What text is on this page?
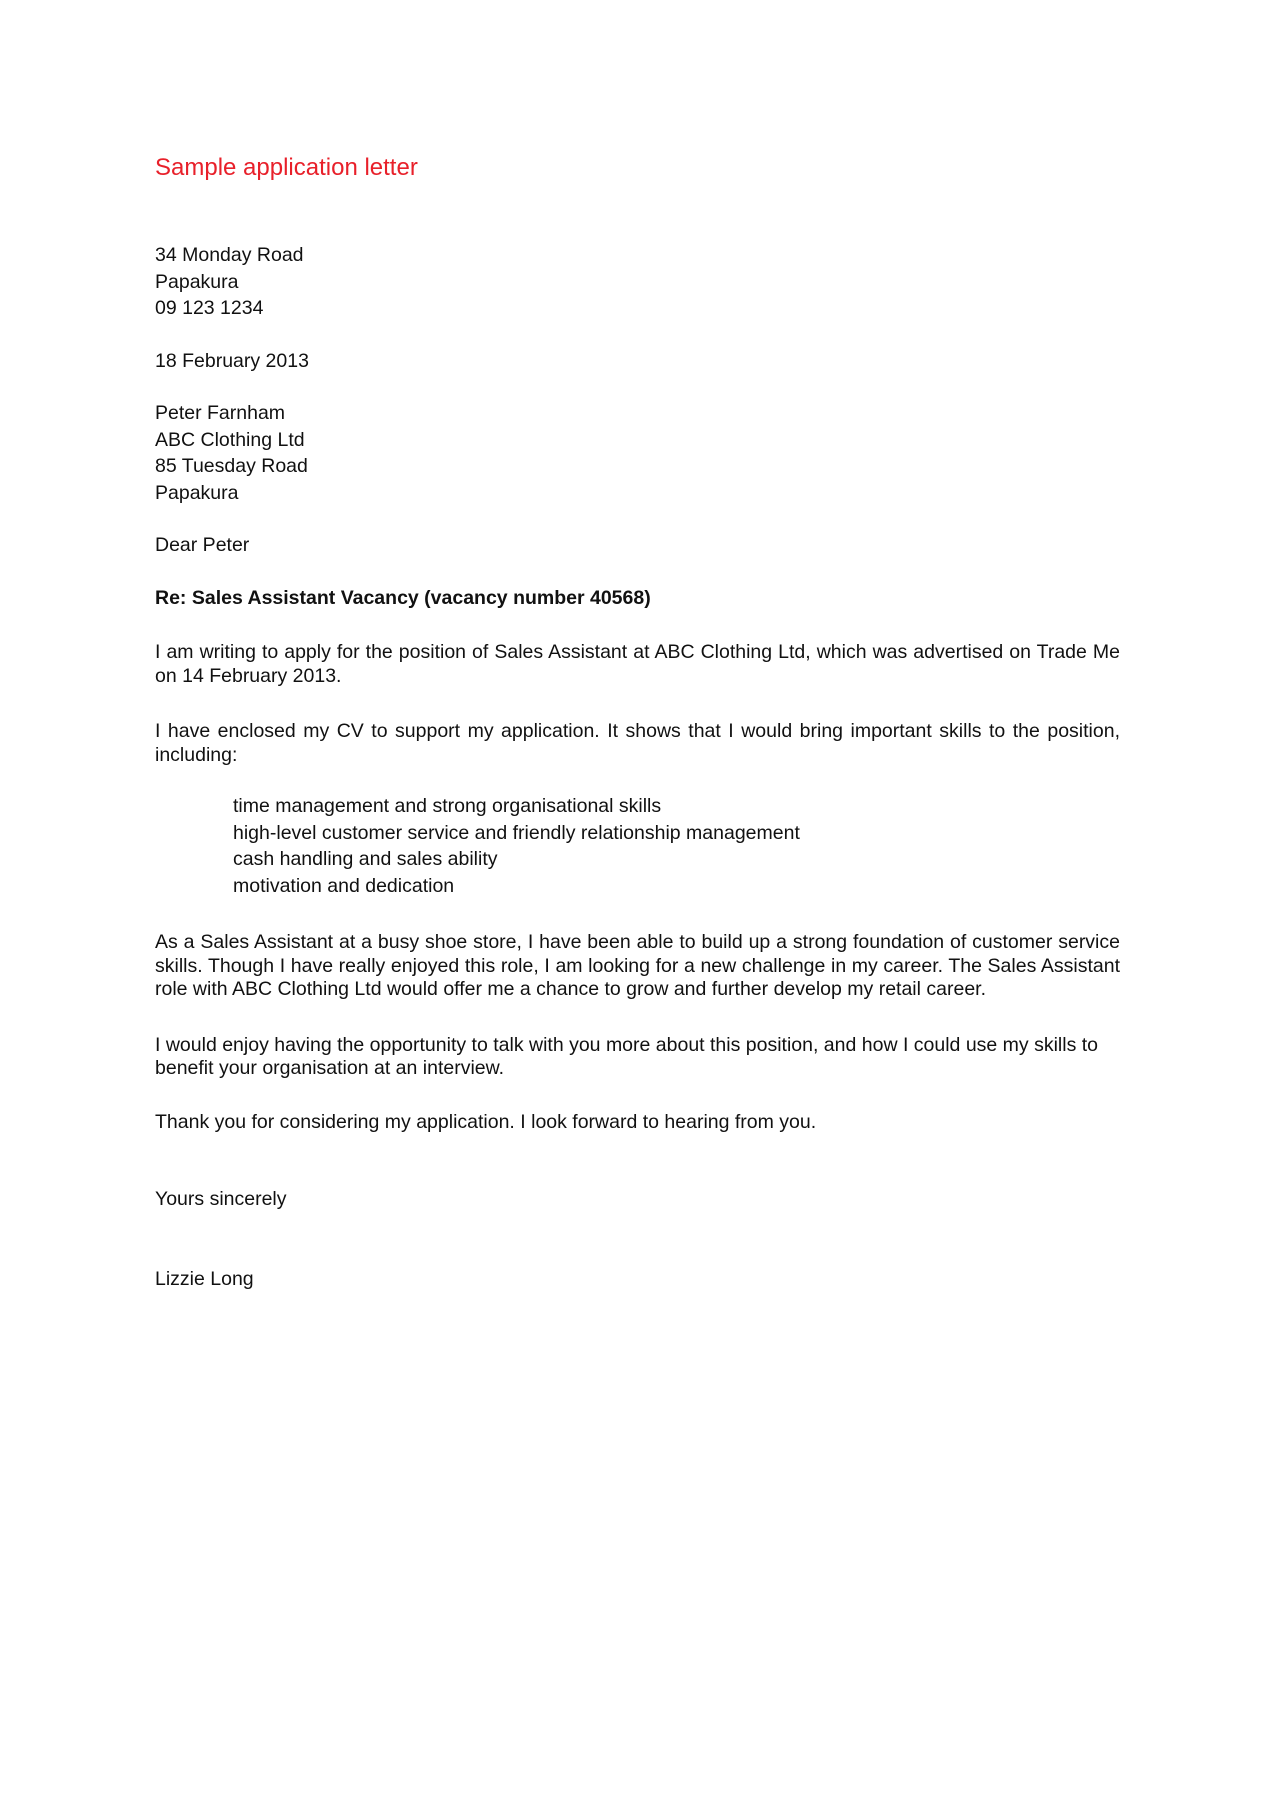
Sample application letter
34 Monday Road
Papakura
09 123 1234
18 February 2013
Peter Farnham
ABC Clothing Ltd
85 Tuesday Road
Papakura
Dear Peter
Re: Sales Assistant Vacancy (vacancy number 40568)

I am writing to apply for the position of Sales Assistant at ABC Clothing Ltd, which was advertised on Trade Me on 14 February 2013.

I have enclosed my CV to support my application. It shows that I would bring important skills to the position, including:

time management and strong organisational skills
high-level customer service and friendly relationship management
cash handling and sales ability
motivation and dedication

As a Sales Assistant at a busy shoe store, I have been able to build up a strong foundation of customer service skills. Though I have really enjoyed this role, I am looking for a new challenge in my career. The Sales Assistant role with ABC Clothing Ltd would offer me a chance to grow and further develop my retail career.

I would enjoy having the opportunity to talk with you more about this position, and how I could use my skills to benefit your organisation at an interview.

Thank you for considering my application. I look forward to hearing from you.

Yours sincerely
Lizzie Long
